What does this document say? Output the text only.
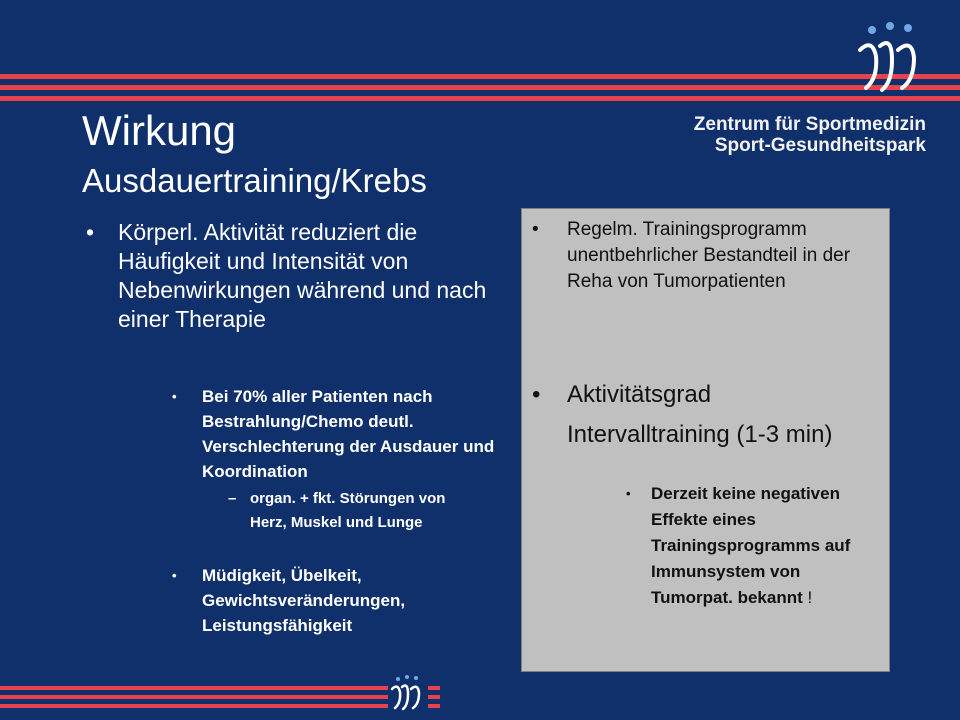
Zentrum für Sportmedizin
Sport-Gesundheitspark
Wirkung
Ausdauertraining/Krebs
• Körperl. Aktivität reduziert die Häufigkeit und Intensität von Nebenwirkungen während und nach einer Therapie
• Bei 70% aller Patienten nach Bestrahlung/Chemo deutl. Verschlechterung der Ausdauer und Koordination
– organ. + fkt. Störungen von Herz, Muskel und Lunge
• Müdigkeit, Übelkeit, Gewichtsveränderungen, Leistungsfähigkeit
• Regelm. Trainingsprogramm unentbehrlicher Bestandteil in der Reha von Tumorpatienten
• Aktivitätsgrad
Intervalltraining (1-3 min)
• Derzeit keine negativen Effekte eines Trainingsprogramms auf Immunsystem von Tumorpat. bekannt !
